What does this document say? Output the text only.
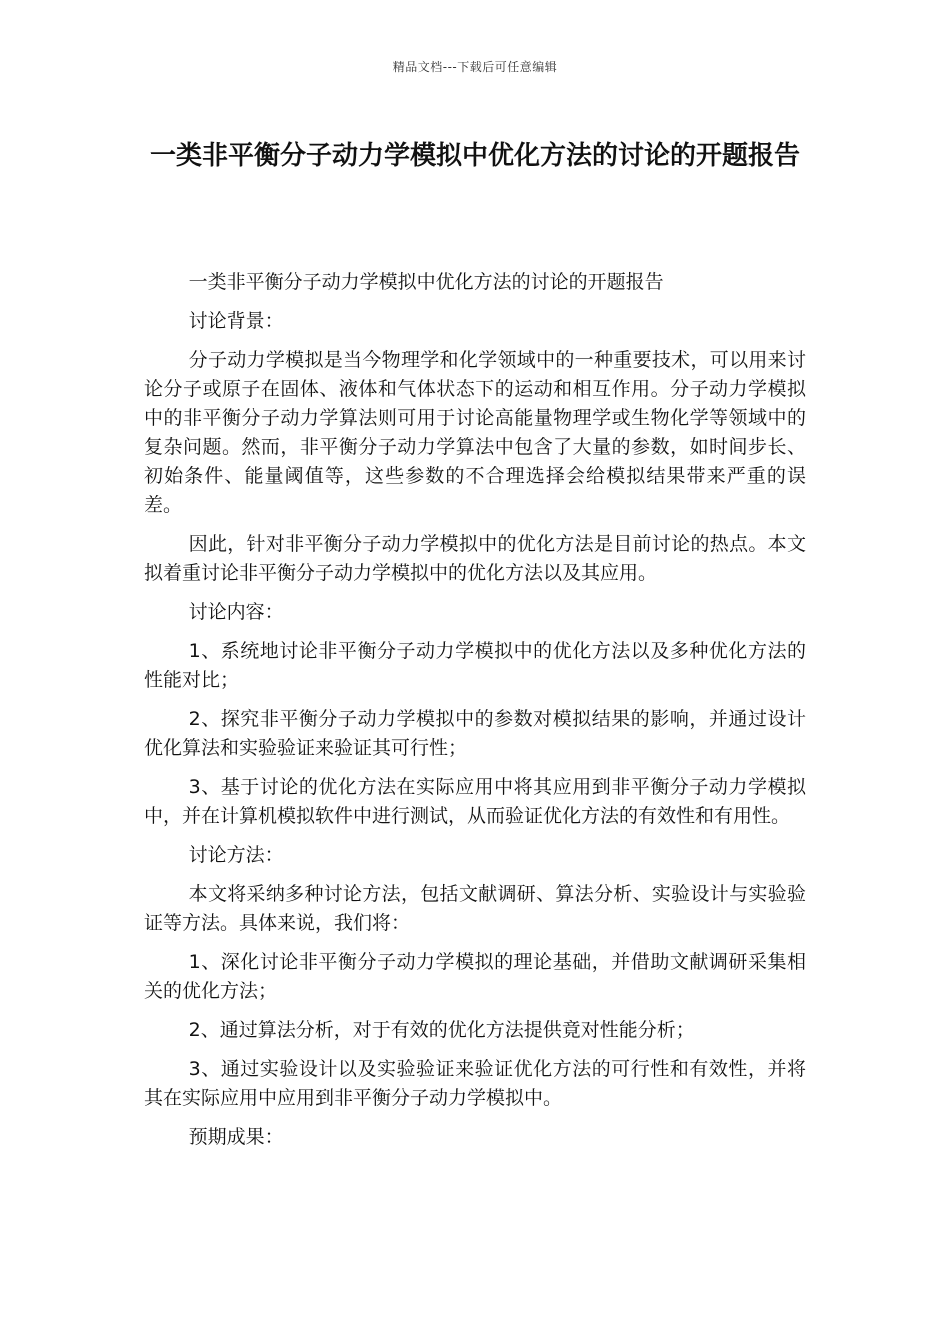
精品文档---下载后可任意编辑
一类非平衡分子动力学模拟中优化方法的讨论的开题报告

一类非平衡分子动力学模拟中优化方法的讨论的开题报告

讨论背景：

分子动力学模拟是当今物理学和化学领域中的一种重要技术，可以用来讨论分子或原子在固体、液体和气体状态下的运动和相互作用。分子动力学模拟中的非平衡分子动力学算法则可用于讨论高能量物理学或生物化学等领域中的复杂问题。然而，非平衡分子动力学算法中包含了大量的参数，如时间步长、初始条件、能量阈值等，这些参数的不合理选择会给模拟结果带来严重的误差。

因此，针对非平衡分子动力学模拟中的优化方法是目前讨论的热点。本文拟着重讨论非平衡分子动力学模拟中的优化方法以及其应用。

讨论内容：

1、系统地讨论非平衡分子动力学模拟中的优化方法以及多种优化方法的性能对比；

2、探究非平衡分子动力学模拟中的参数对模拟结果的影响，并通过设计优化算法和实验验证来验证其可行性；

3、基于讨论的优化方法在实际应用中将其应用到非平衡分子动力学模拟中，并在计算机模拟软件中进行测试，从而验证优化方法的有效性和有用性。

讨论方法：

本文将采纳多种讨论方法，包括文献调研、算法分析、实验设计与实验验证等方法。具体来说，我们将：

1、深化讨论非平衡分子动力学模拟的理论基础，并借助文献调研采集相关的优化方法；

2、通过算法分析，对于有效的优化方法提供竟对性能分析；

3、通过实验设计以及实验验证来验证优化方法的可行性和有效性，并将其在实际应用中应用到非平衡分子动力学模拟中。

预期成果：
